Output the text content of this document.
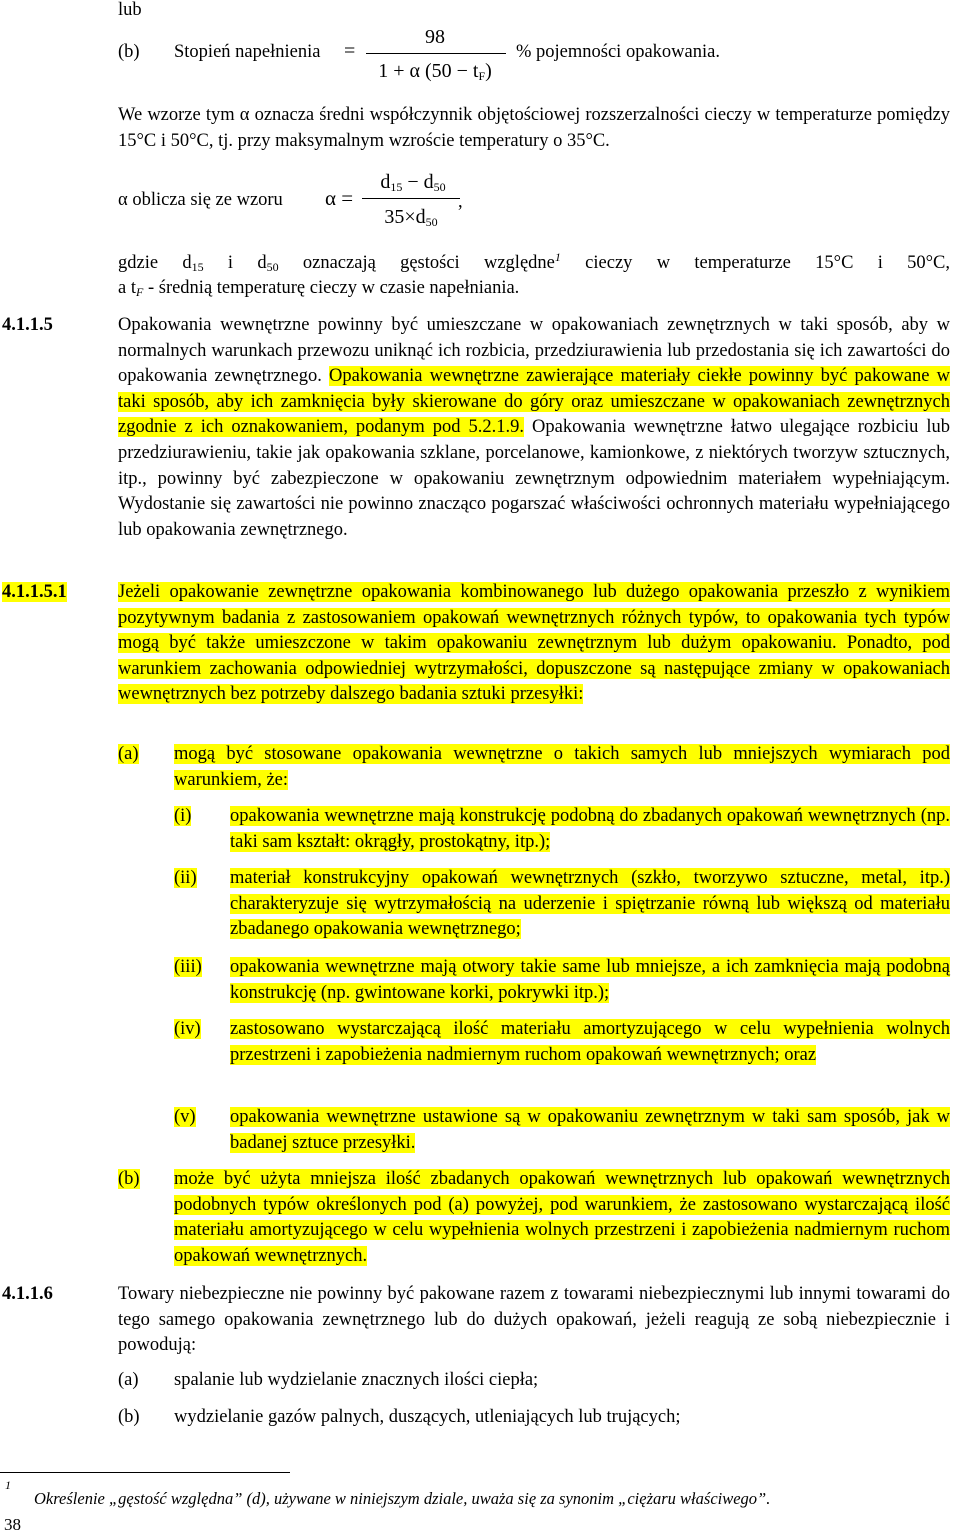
lub
(b) Stopień napełnienia =
98
1 + α $(50 - t_F)$
% pojemności opakowania.
We wzorze tym α oznacza średni współczynnik objętościowej rozszerzalności cieczy w temperaturze pomiędzy 15°C i 50°C, tj. przy maksymalnym wzroście temperatury o 35°C.
α oblicza się ze wzoru α =
$d_{15} - d_{50}$
$35\times d_{50}$
,
gdzie $d_{15}$ i $d_{50}$ oznaczają gęstości względne$^1$ cieczy w temperaturze 15°C i 50°C,
a $t_F$ - średnią temperaturę cieczy w czasie napełniania.
4.1.1.5	Opakowania wewnętrzne powinny być umieszczane w opakowaniach zewnętrznych w taki sposób, aby w normalnych warunkach przewozu uniknąć ich rozbicia, przedziurawienia lub przedostania się ich zawartości do opakowania zewnętrznego. Opakowania wewnętrzne zawierające materiały ciekłe powinny być pakowane w taki sposób, aby ich zamknięcia były skierowane do góry oraz umieszczane w opakowaniach zewnętrznych zgodnie z ich oznakowaniem, podanym pod 5.2.1.9. Opakowania wewnętrzne łatwo ulegające rozbiciu lub przedziurawieniu, takie jak opakowania szklane, porcelanowe, kamionkowe, z niektórych tworzyw sztucznych, itp., powinny być zabezpieczone w opakowaniu zewnętrznym odpowiednim materiałem wypełniającym. Wydostanie się zawartości nie powinno znacząco pogarszać właściwości ochronnych materiału wypełniającego lub opakowania zewnętrznego.
4.1.1.5.1	Jeżeli opakowanie zewnętrzne opakowania kombinowanego lub dużego opakowania przeszło z wynikiem pozytywnym badania z zastosowaniem opakowań wewnętrznych różnych typów, to opakowania tych typów mogą być także umieszczone w takim opakowaniu zewnętrznym lub dużym opakowaniu. Ponadto, pod warunkiem zachowania odpowiedniej wytrzymałości, dopuszczone są następujące zmiany w opakowaniach wewnętrznych bez potrzeby dalszego badania sztuki przesyłki:
(a) mogą być stosowane opakowania wewnętrzne o takich samych lub mniejszych wymiarach pod warunkiem, że:
(i) opakowania wewnętrzne mają konstrukcję podobną do zbadanych opakowań wewnętrznych (np. taki sam kształt: okrągły, prostokątny, itp.);
(ii) materiał konstrukcyjny opakowań wewnętrznych (szkło, tworzywo sztuczne, metal, itp.) charakteryzuje się wytrzymałością na uderzenie i spiętrzanie równą lub większą od materiału zbadanego opakowania wewnętrznego;
(iii) opakowania wewnętrzne mają otwory takie same lub mniejsze, a ich zamknięcia mają podobną konstrukcję (np. gwintowane korki, pokrywki itp.);
(iv) zastosowano wystarczającą ilość materiału amortyzującego w celu wypełnienia wolnych przestrzeni i zapobieżenia nadmiernym ruchom opakowań wewnętrznych; oraz
(v) opakowania wewnętrzne ustawione są w opakowaniu zewnętrznym w taki sam sposób, jak w badanej sztuce przesyłki.
(b) może być użyta mniejsza ilość zbadanych opakowań wewnętrznych lub opakowań wewnętrznych podobnych typów określonych pod (a) powyżej, pod warunkiem, że zastosowano wystarczającą ilość materiału amortyzującego w celu wypełnienia wolnych przestrzeni i zapobieżenia nadmiernym ruchom opakowań wewnętrznych.
4.1.1.6	Towary niebezpieczne nie powinny być pakowane razem z towarami niebezpiecznymi lub innymi towarami do tego samego opakowania zewnętrznego lub do dużych opakowań, jeżeli reagują ze sobą niebezpiecznie i powodują:
(a) spalanie lub wydzielanie znacznych ilości ciepła;
(b) wydzielanie gazów palnych, duszących, utleniających lub trujących;
1
Określenie „gęstość względna” (d), używane w niniejszym dziale, uważa się za synonim „ciężaru właściwego”.
38
